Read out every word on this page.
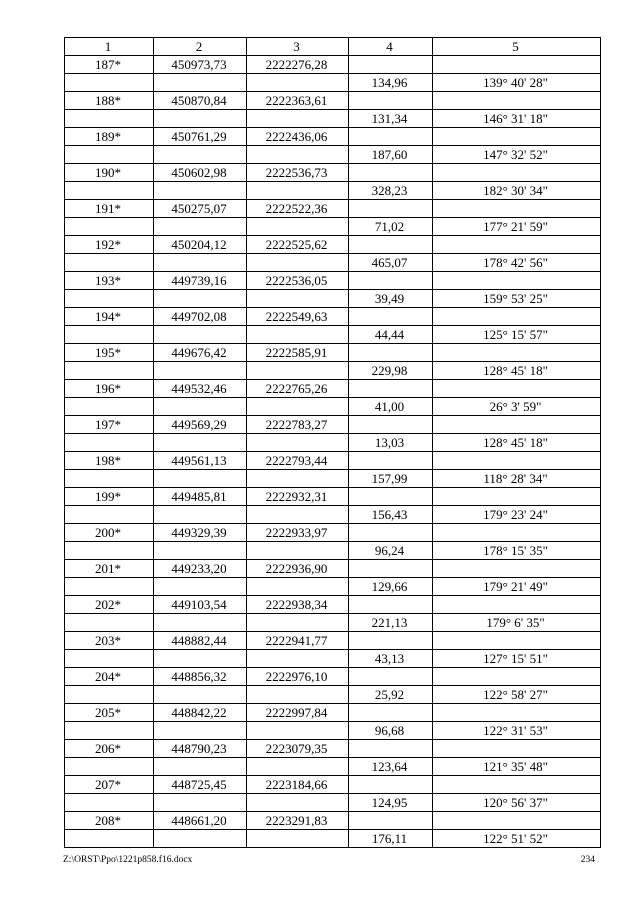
1	2	3	4	5
187*	450973,73	2222276,28		
			134,96	139° 40' 28"
188*	450870,84	2222363,61		
			131,34	146° 31' 18"
189*	450761,29	2222436,06		
			187,60	147° 32' 52"
190*	450602,98	2222536,73		
			328,23	182° 30' 34"
191*	450275,07	2222522,36		
			71,02	177° 21' 59"
192*	450204,12	2222525,62		
			465,07	178° 42' 56"
193*	449739,16	2222536,05		
			39,49	159° 53' 25"
194*	449702,08	2222549,63		
			44,44	125° 15' 57"
195*	449676,42	2222585,91		
			229,98	128° 45' 18"
196*	449532,46	2222765,26		
			41,00	26° 3' 59"
197*	449569,29	2222783,27		
			13,03	128° 45' 18"
198*	449561,13	2222793,44		
			157,99	118° 28' 34"
199*	449485,81	2222932,31		
			156,43	179° 23' 24"
200*	449329,39	2222933,97		
			96,24	178° 15' 35"
201*	449233,20	2222936,90		
			129,66	179° 21' 49"
202*	449103,54	2222938,34		
			221,13	179° 6' 35"
203*	448882,44	2222941,77		
			43,13	127° 15' 51"
204*	448856,32	2222976,10		
			25,92	122° 58' 27"
205*	448842,22	2222997,84		
			96,68	122° 31' 53"
206*	448790,23	2223079,35		
			123,64	121° 35' 48"
207*	448725,45	2223184,66		
			124,95	120° 56' 37"
208*	448661,20	2223291,83		
			176,11	122° 51' 52"
Z:\ORST\Ppo\1221p858.f16.docx	234
